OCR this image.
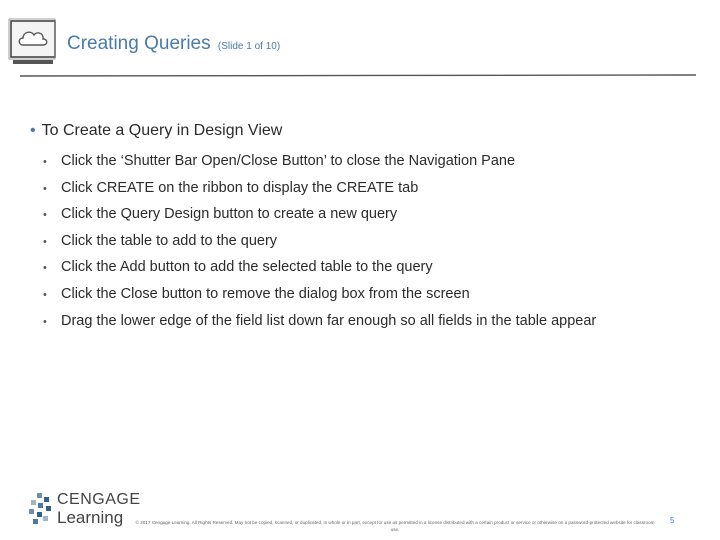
Creating Queries (Slide 1 of 10)
• To Create a Query in Design View
• Click the ‘Shutter Bar Open/Close Button’ to close the Navigation Pane
• Click CREATE on the ribbon to display the CREATE tab
• Click the Query Design button to create a new query
• Click the table to add to the query
• Click the Add button to add the selected table to the query
• Click the Close button to remove the dialog box from the screen
• Drag the lower edge of the field list down far enough so all fields in the table appear
CENGAGE
Learning	© 2017 Cengage Learning. All Rights Reserved. May not be copied, scanned, or duplicated, in whole or in part, except for use as permitted in a license distributed with a certain product or service or otherwise on a password-protected website for classroom use.
5
